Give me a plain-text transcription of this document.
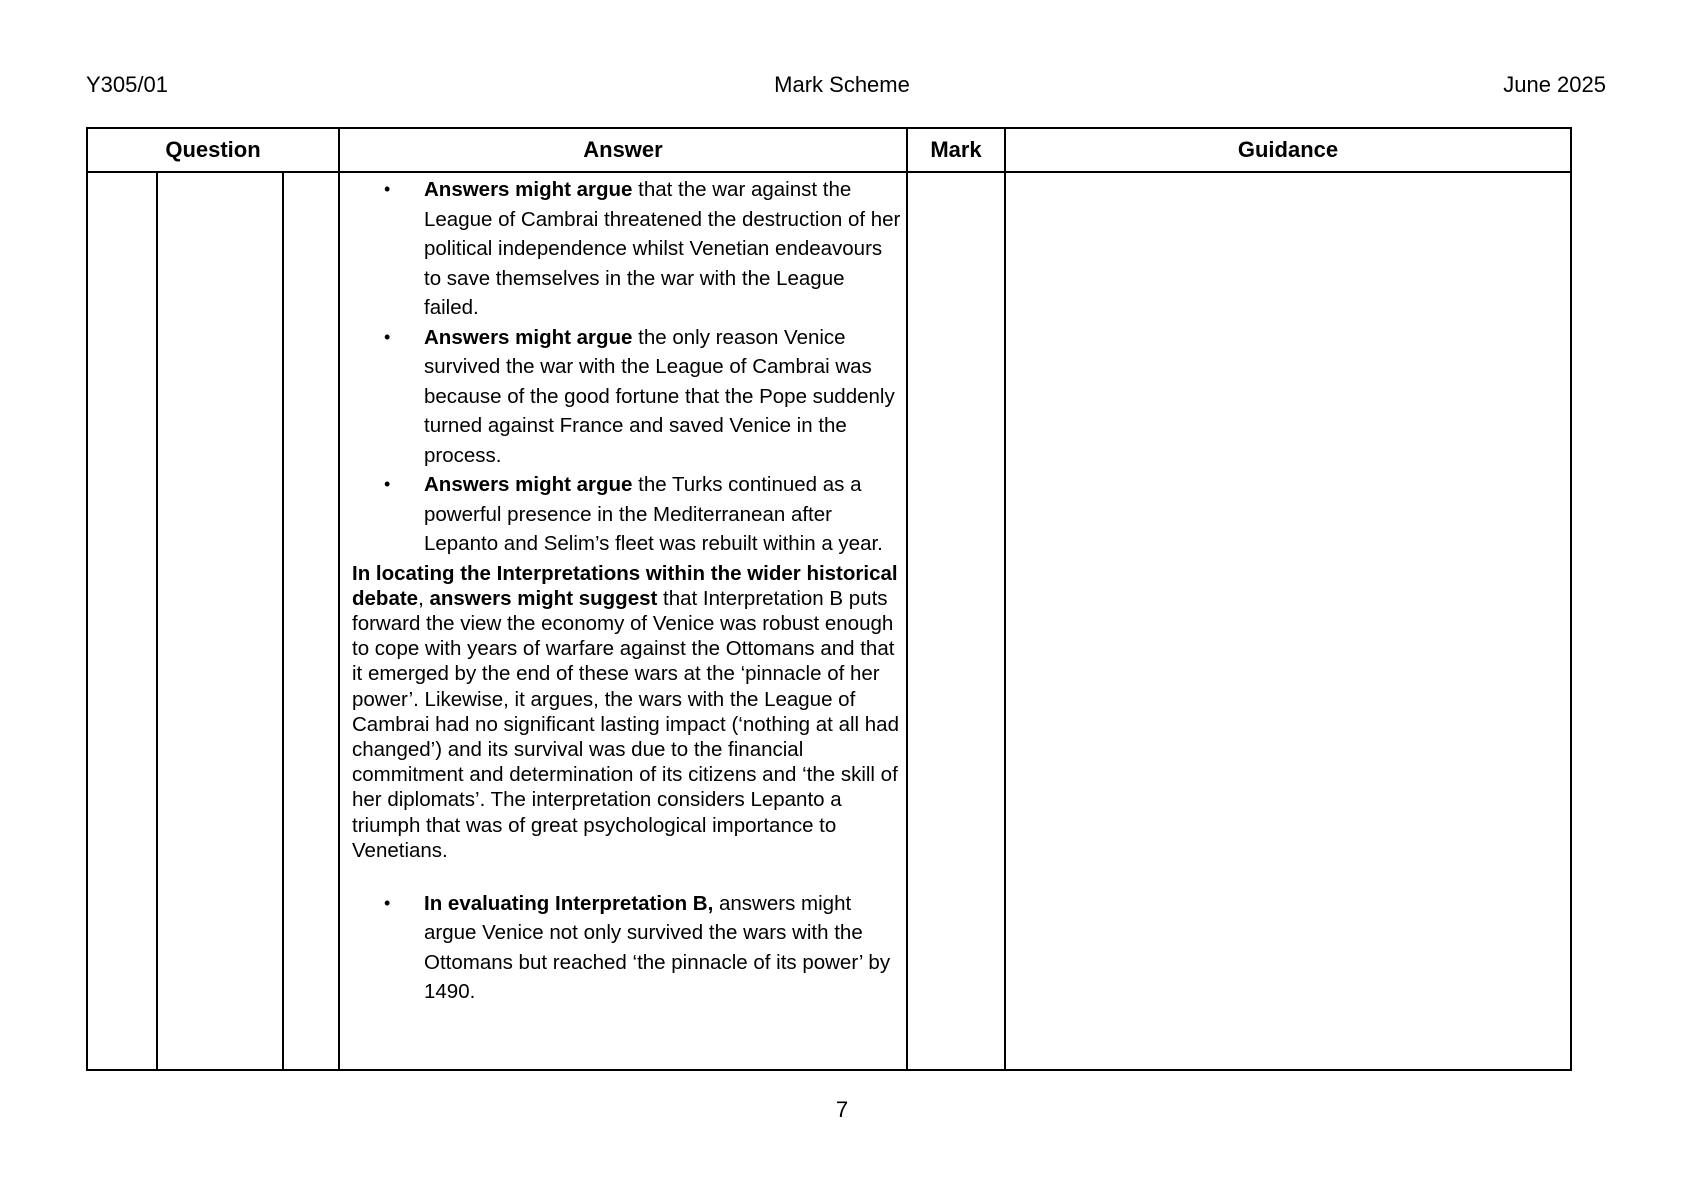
Y305/01	Mark Scheme	June 2025
Question	Answer	Mark	Guidance
• Answers might argue that the war against the League of Cambrai threatened the destruction of her political independence whilst Venetian endeavours to save themselves in the war with the League failed.
• Answers might argue the only reason Venice survived the war with the League of Cambrai was because of the good fortune that the Pope suddenly turned against France and saved Venice in the process.
• Answers might argue the Turks continued as a powerful presence in the Mediterranean after Lepanto and Selim’s fleet was rebuilt within a year.

In locating the Interpretations within the wider historical debate, answers might suggest that Interpretation B puts forward the view the economy of Venice was robust enough to cope with years of warfare against the Ottomans and that it emerged by the end of these wars at the ‘pinnacle of her power’. Likewise, it argues, the wars with the League of Cambrai had no significant lasting impact (‘nothing at all had changed’) and its survival was due to the financial commitment and determination of its citizens and ‘the skill of her diplomats’. The interpretation considers Lepanto a triumph that was of great psychological importance to Venetians.

• In evaluating Interpretation B, answers might argue Venice not only survived the wars with the Ottomans but reached ‘the pinnacle of its power’ by 1490.
7
